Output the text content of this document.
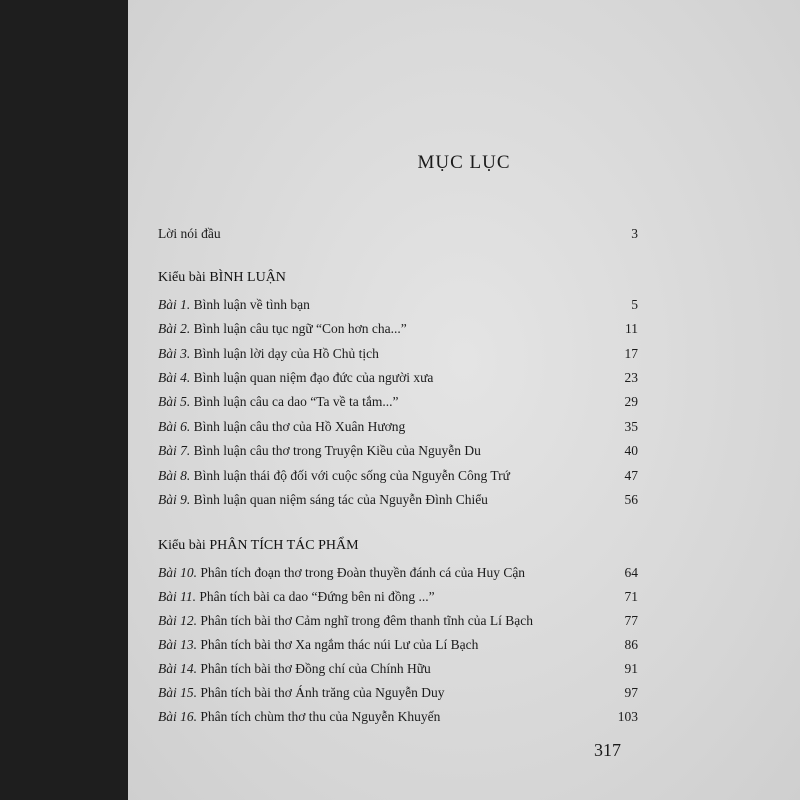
MỤC LỤC
Lời nói đầu	3
Kiểu bài BÌNH LUẬN
Bài 1. Bình luận về tình bạn	5
Bài 2. Bình luận câu tục ngữ “Con hơn cha...”	11
Bài 3. Bình luận lời dạy của Hồ Chủ tịch	17
Bài 4. Bình luận quan niệm đạo đức của người xưa	23
Bài 5. Bình luận câu ca dao “Ta về ta tắm...”	29
Bài 6. Bình luận câu thơ của Hồ Xuân Hương	35
Bài 7. Bình luận câu thơ trong Truyện Kiều của Nguyễn Du	40
Bài 8. Bình luận thái độ đối với cuộc sống của Nguyễn Công Trứ	47
Bài 9. Bình luận quan niệm sáng tác của Nguyễn Đình Chiểu	56
Kiểu bài PHÂN TÍCH TÁC PHẨM
Bài 10. Phân tích đoạn thơ trong Đoàn thuyền đánh cá của Huy Cận	64
Bài 11. Phân tích bài ca dao “Đứng bên ni đồng ...”	71
Bài 12. Phân tích bài thơ Cảm nghĩ trong đêm thanh tĩnh của Lí Bạch	77
Bài 13. Phân tích bài thơ Xa ngắm thác núi Lư của Lí Bạch	86
Bài 14. Phân tích bài thơ Đồng chí của Chính Hữu	91
Bài 15. Phân tích bài thơ Ánh trăng của Nguyễn Duy	97
Bài 16. Phân tích chùm thơ thu của Nguyễn Khuyến	103
317
